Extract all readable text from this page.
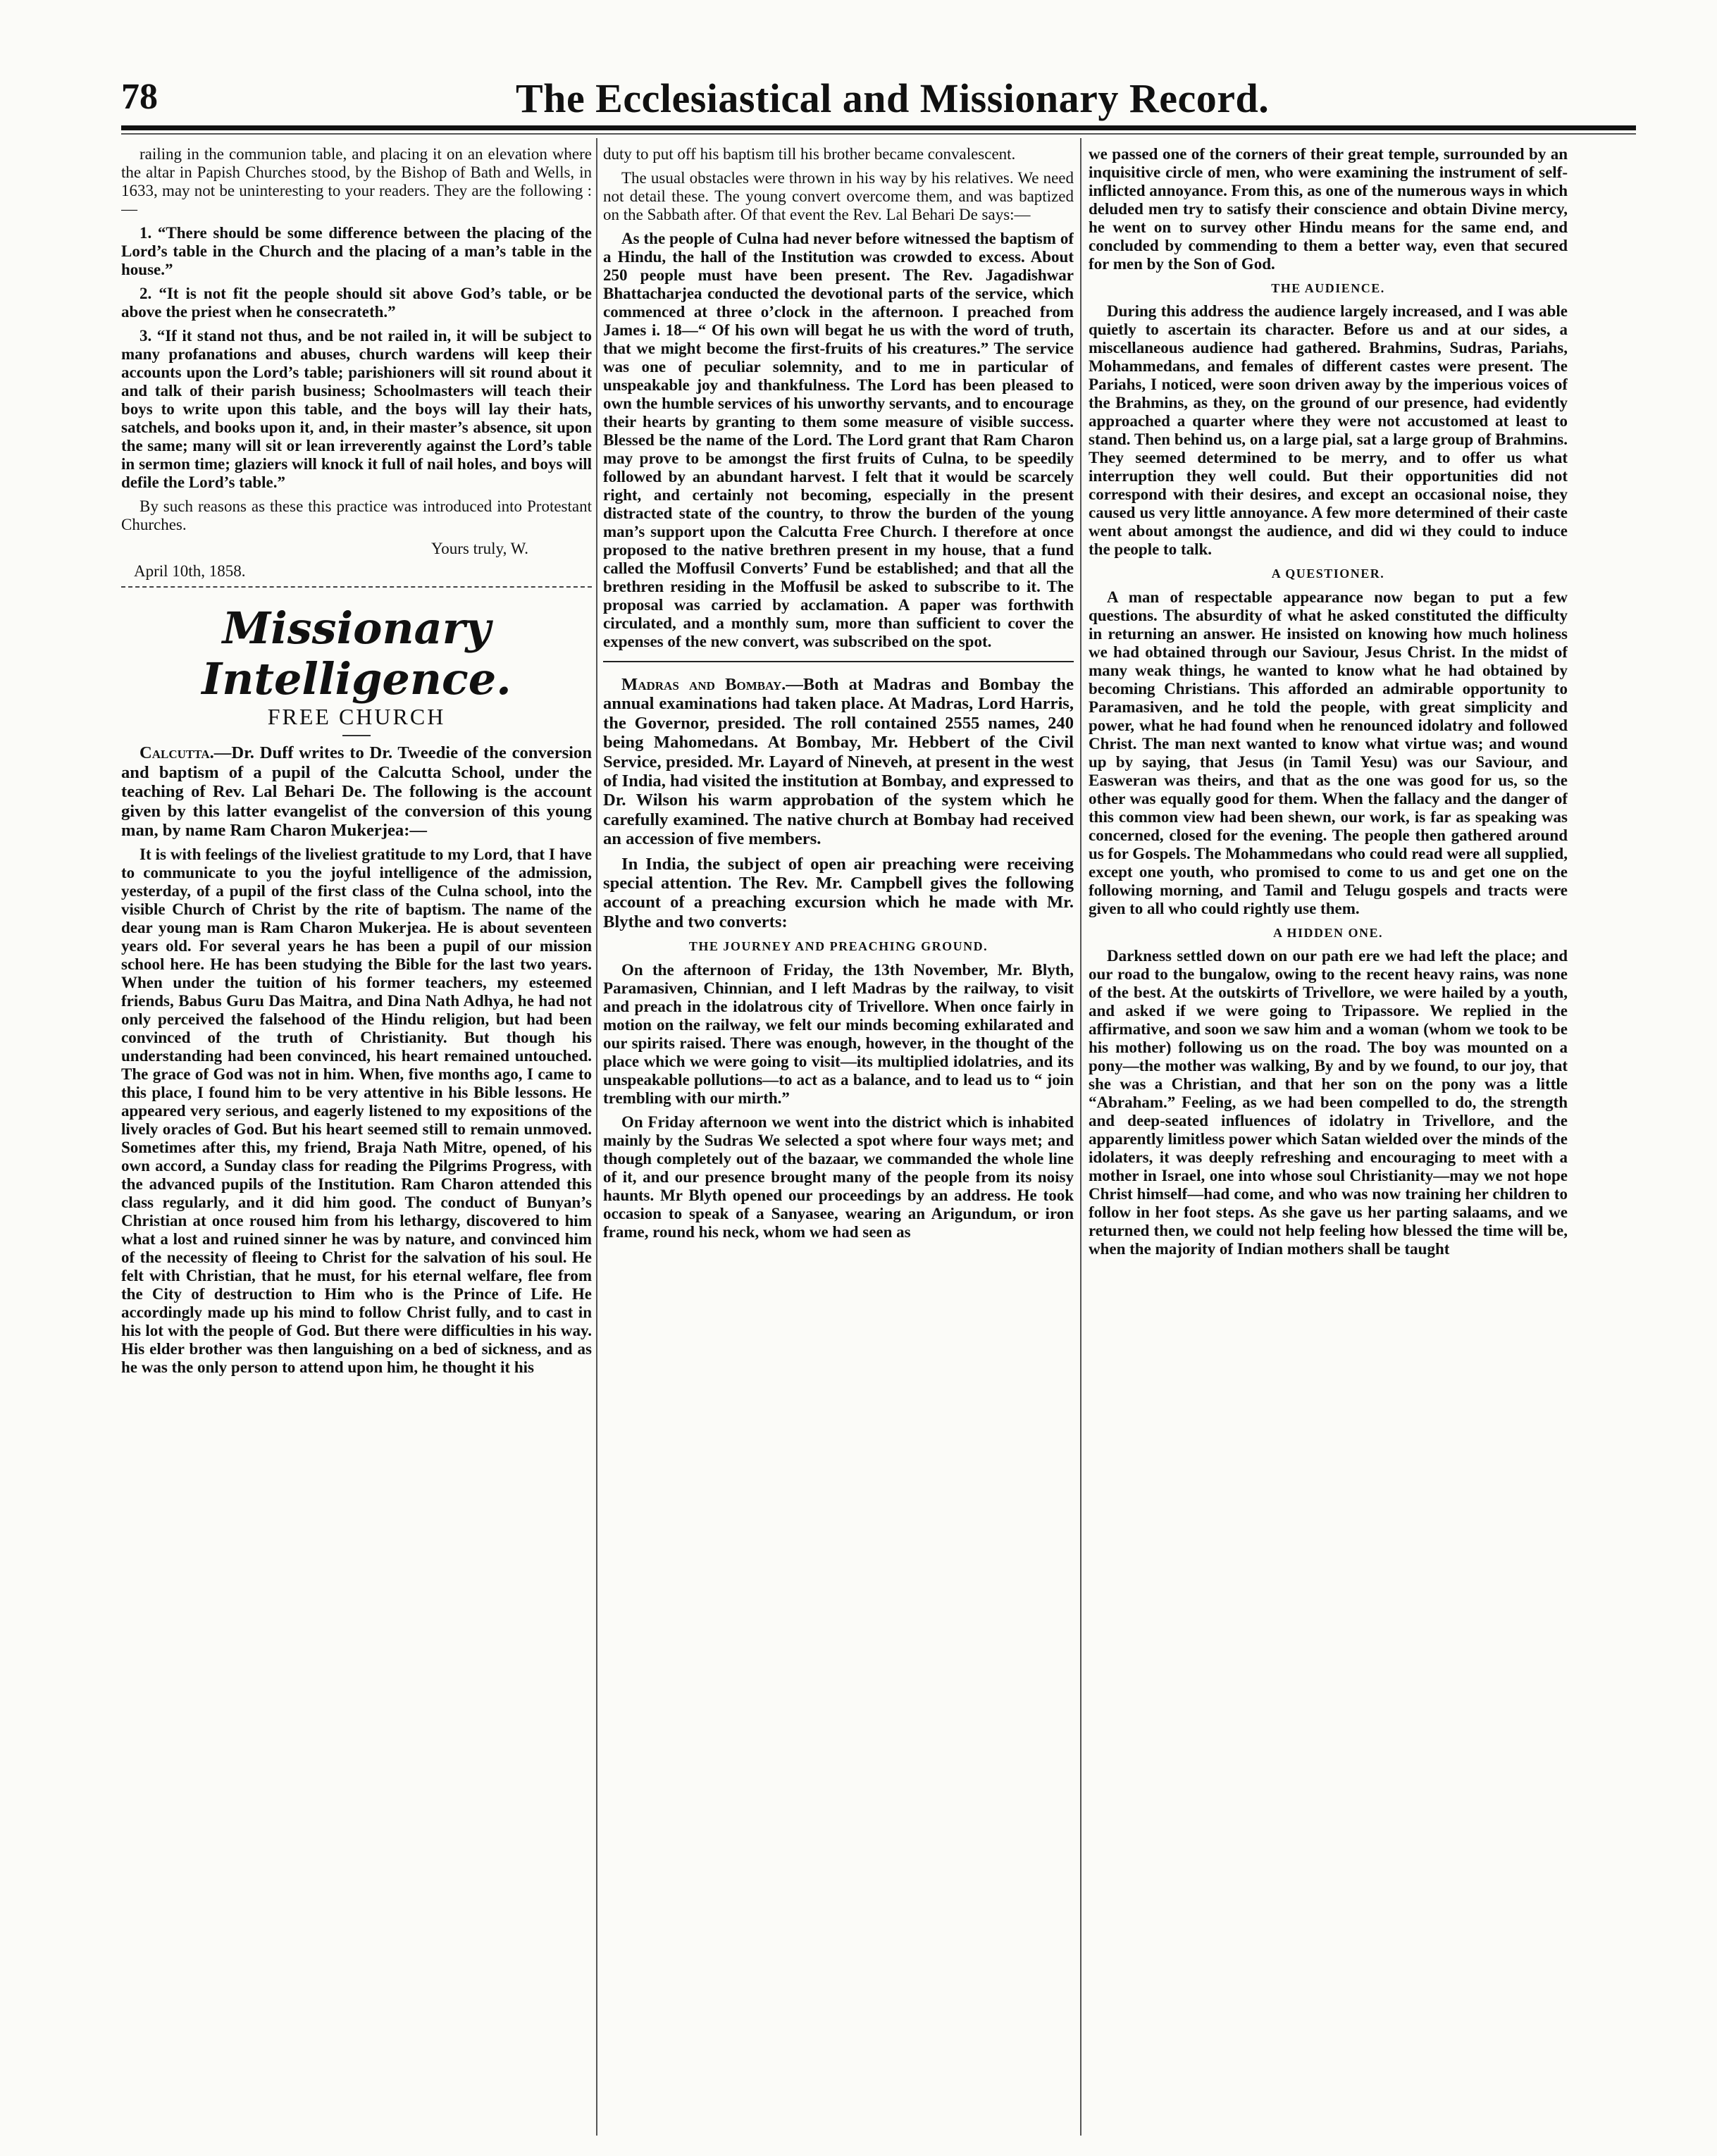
78	The Ecclesiastical and Missionary Record.

railing in the communion table, and placing it on an elevation where the altar in Papish Churches stood, by the Bishop of Bath and Wells, in 1633, may not be uninteresting to your readers. They are the following :—

1. “There should be some difference between the placing of the Lord’s table in the Church and the placing of a man’s table in the house.”

2. “It is not fit the people should sit above God’s table, or be above the priest when he consecrateth.”

3. “If it stand not thus, and be not railed in, it will be subject to many profanations and abuses, church wardens will keep their accounts upon the Lord’s table; parishioners will sit round about it and talk of their parish business; Schoolmasters will teach their boys to write upon this table, and the boys will lay their hats, satchels, and books upon it, and, in their master’s absence, sit upon the same; many will sit or lean irreverently against the Lord’s table in sermon time; glaziers will knock it full of nail holes, and boys will defile the Lord’s table.”

By such reasons as these this practice was introduced into Protestant Churches.

Yours truly, W.

April 10th, 1858.

Missionary Intelligence.
FREE CHURCH

Calcutta.—Dr. Duff writes to Dr. Tweedie of the conversion and baptism of a pupil of the Calcutta School, under the teaching of Rev. Lal Behari De. The following is the account given by this latter evangelist of the conversion of this young man, by name Ram Charon Mukerjea:—

It is with feelings of the liveliest gratitude to my Lord, that I have to communicate to you the joyful intelligence of the admission, yesterday, of a pupil of the first class of the Culna school, into the visible Church of Christ by the rite of baptism. The name of the dear young man is Ram Charon Mukerjea. He is about seventeen years old. For several years he has been a pupil of our mission school here. He has been studying the Bible for the last two years. When under the tuition of his former teachers, my esteemed friends, Babus Guru Das Maitra, and Dina Nath Adhya, he had not only perceived the falsehood of the Hindu religion, but had been convinced of the truth of Christianity. But though his understanding had been convinced, his heart remained untouched. The grace of God was not in him. When, five months ago, I came to this place, I found him to be very attentive in his Bible lessons. He appeared very serious, and eagerly listened to my expositions of the lively oracles of God. But his heart seemed still to remain unmoved. Sometimes after this, my friend, Braja Nath Mitre, opened, of his own accord, a Sunday class for reading the Pilgrims Progress, with the advanced pupils of the Institution. Ram Charon attended this class regularly, and it did him good. The conduct of Bunyan’s Christian at once roused him from his lethargy, discovered to him what a lost and ruined sinner he was by nature, and convinced him of the necessity of fleeing to Christ for the salvation of his soul. He felt with Christian, that he must, for his eternal welfare, flee from the City of destruction to Him who is the Prince of Life. He accordingly made up his mind to follow Christ fully, and to cast in his lot with the people of God. But there were difficulties in his way. His elder brother was then languishing on a bed of sickness, and as he was the only person to attend upon him, he thought it his

duty to put off his baptism till his brother became convalescent.

The usual obstacles were thrown in his way by his relatives. We need not detail these. The young convert overcome them, and was baptized on the Sabbath after. Of that event the Rev. Lal Behari De says:—

As the people of Culna had never before witnessed the baptism of a Hindu, the hall of the Institution was crowded to excess. About 250 people must have been present. The Rev. Jagadishwar Bhattacharjea conducted the devotional parts of the service, which commenced at three o’clock in the afternoon. I preached from James i. 18—“ Of his own will begat he us with the word of truth, that we might become the first-fruits of his creatures.” The service was one of peculiar solemnity, and to me in particular of unspeakable joy and thankfulness. The Lord has been pleased to own the humble services of his unworthy servants, and to encourage their hearts by granting to them some measure of visible success. Blessed be the name of the Lord. The Lord grant that Ram Charon may prove to be amongst the first fruits of Culna, to be speedily followed by an abundant harvest. I felt that it would be scarcely right, and certainly not becoming, especially in the present distracted state of the country, to throw the burden of the young man’s support upon the Calcutta Free Church. I therefore at once proposed to the native brethren present in my house, that a fund called the Moffusil Converts’ Fund be established; and that all the brethren residing in the Moffusil be asked to subscribe to it. The proposal was carried by acclamation. A paper was forthwith circulated, and a monthly sum, more than sufficient to cover the expenses of the new convert, was subscribed on the spot.

Madras and Bombay.—Both at Madras and Bombay the annual examinations had taken place. At Madras, Lord Harris, the Governor, presided. The roll contained 2555 names, 240 being Mahomedans. At Bombay, Mr. Hebbert of the Civil Service, presided. Mr. Layard of Nineveh, at present in the west of India, had visited the institution at Bombay, and expressed to Dr. Wilson his warm approbation of the system which he carefully examined. The native church at Bombay had received an accession of five members.

In India, the subject of open air preaching were receiving special attention. The Rev. Mr. Campbell gives the following account of a preaching excursion which he made with Mr. Blythe and two converts:

THE JOURNEY AND PREACHING GROUND.

On the afternoon of Friday, the 13th November, Mr. Blyth, Paramasiven, Chinnian, and I left Madras by the railway, to visit and preach in the idolatrous city of Trivellore. When once fairly in motion on the railway, we felt our minds becoming exhilarated and our spirits raised. There was enough, however, in the thought of the place which we were going to visit—its multiplied idolatries, and its unspeakable pollutions—to act as a balance, and to lead us to “ join trembling with our mirth.”

On Friday afternoon we went into the district which is inhabited mainly by the Sudras We selected a spot where four ways met; and though completely out of the bazaar, we commanded the whole line of it, and our presence brought many of the people from its noisy haunts. Mr Blyth opened our proceedings by an address. He took occasion to speak of a Sanyasee, wearing an Arigundum, or iron frame, round his neck, whom we had seen as

we passed one of the corners of their great temple, surrounded by an inquisitive circle of men, who were examining the instrument of self-inflicted annoyance. From this, as one of the numerous ways in which deluded men try to satisfy their conscience and obtain Divine mercy, he went on to survey other Hindu means for the same end, and concluded by commending to them a better way, even that secured for men by the Son of God.

THE AUDIENCE.

During this address the audience largely increased, and I was able quietly to ascertain its character. Before us and at our sides, a miscellaneous audience had gathered. Brahmins, Sudras, Pariahs, Mohammedans, and females of different castes were present. The Pariahs, I noticed, were soon driven away by the imperious voices of the Brahmins, as they, on the ground of our presence, had evidently approached a quarter where they were not accustomed at least to stand. Then behind us, on a large pial, sat a large group of Brahmins. They seemed determined to be merry, and to offer us what interruption they well could. But their opportunities did not correspond with their desires, and except an occasional noise, they caused us very little annoyance. A few more determined of their caste went about amongst the audience, and did wi they could to induce the people to talk.

A QUESTIONER.

A man of respectable appearance now began to put a few questions. The absurdity of what he asked constituted the difficulty in returning an answer. He insisted on knowing how much holiness we had obtained through our Saviour, Jesus Christ. In the midst of many weak things, he wanted to know what he had obtained by becoming Christians. This afforded an admirable opportunity to Paramasiven, and he told the people, with great simplicity and power, what he had found when he renounced idolatry and followed Christ. The man next wanted to know what virtue was; and wound up by saying, that Jesus (in Tamil Yesu) was our Saviour, and Easweran was theirs, and that as the one was good for us, so the other was equally good for them. When the fallacy and the danger of this common view had been shewn, our work, is far as speaking was concerned, closed for the evening. The people then gathered around us for Gospels. The Mohammedans who could read were all supplied, except one youth, who promised to come to us and get one on the following morning, and Tamil and Telugu gospels and tracts were given to all who could rightly use them.

A HIDDEN ONE.

Darkness settled down on our path ere we had left the place; and our road to the bungalow, owing to the recent heavy rains, was none of the best. At the outskirts of Trivellore, we were hailed by a youth, and asked if we were going to Tripassore. We replied in the affirmative, and soon we saw him and a woman (whom we took to be his mother) following us on the road. The boy was mounted on a pony—the mother was walking, By and by we found, to our joy, that she was a Christian, and that her son on the pony was a little “Abraham.” Feeling, as we had been compelled to do, the strength and deep-seated influences of idolatry in Trivellore, and the apparently limitless power which Satan wielded over the minds of the idolaters, it was deeply refreshing and encouraging to meet with a mother in Israel, one into whose soul Christianity—may we not hope Christ himself—had come, and who was now training her children to follow in her foot steps. As she gave us her parting salaams, and we returned then, we could not help feeling how blessed the time will be, when the majority of Indian mothers shall be taught
